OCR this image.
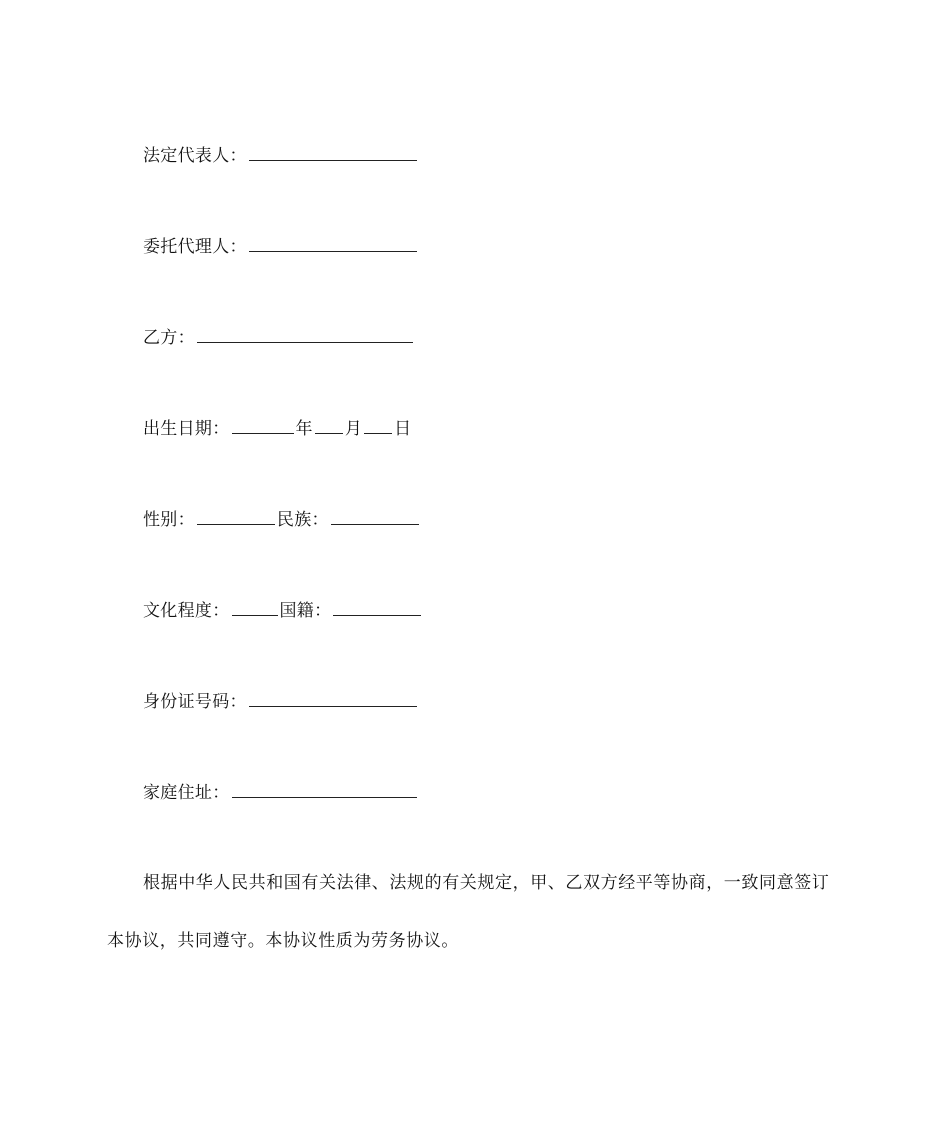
法定代表人：
委托代理人：
乙方：
出生日期：	年 月 日
性别：	民族：
文化程度：	国籍：
身份证号码：
家庭住址：
根据中华人民共和国有关法律、法规的有关规定，甲、乙双方经平等协商，一致同意签订
本协议，共同遵守。本协议性质为劳务协议。
